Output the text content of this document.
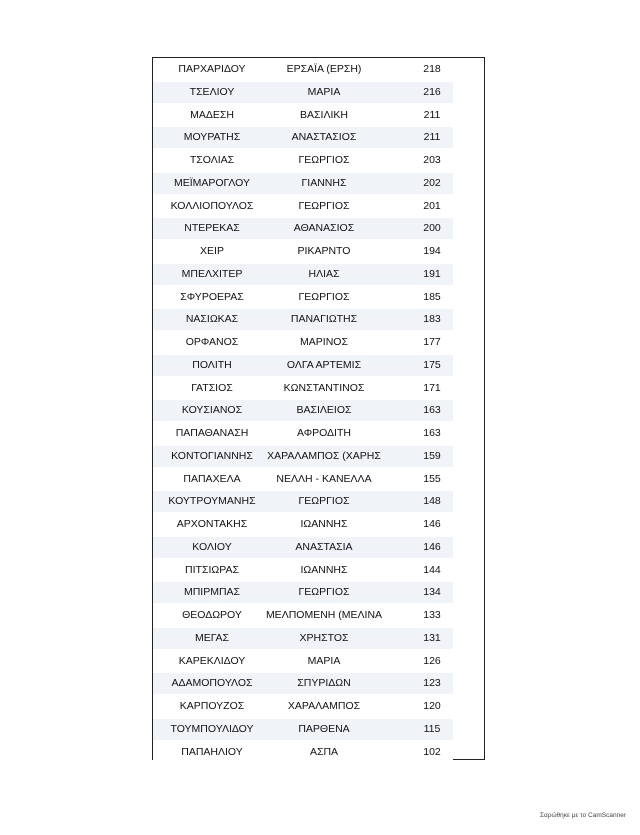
ΠΑΡΧΑΡΙΔΟΥ	ΕΡΣΑΪΑ (ΕΡΣΗ)	218
ΤΣΕΛΙΟΥ	ΜΑΡΙΑ	216
ΜΑΔΕΣΗ	ΒΑΣΙΛΙΚΗ	211
ΜΟΥΡΑΤΗΣ	ΑΝΑΣΤΑΣΙΟΣ	211
ΤΣΟΛΙΑΣ	ΓΕΩΡΓΙΟΣ	203
ΜΕΪΜΑΡΟΓΛΟΥ	ΓΙΑΝΝΗΣ	202
ΚΟΛΛΙΟΠΟΥΛΟΣ	ΓΕΩΡΓΙΟΣ	201
ΝΤΕΡΕΚΑΣ	ΑΘΑΝΑΣΙΟΣ	200
ΧΕΙΡ	ΡΙΚΑΡΝΤΟ	194
ΜΠΕΛΧΙΤΕΡ	ΗΛΙΑΣ	191
ΣΦΥΡΟΕΡΑΣ	ΓΕΩΡΓΙΟΣ	185
ΝΑΣΙΩΚΑΣ	ΠΑΝΑΓΙΩΤΗΣ	183
ΟΡΦΑΝΟΣ	ΜΑΡΙΝΟΣ	177
ΠΟΛΙΤΗ	ΟΛΓΑ ΑΡΤΕΜΙΣ	175
ΓΑΤΣΙΟΣ	ΚΩΝΣΤΑΝΤΙΝΟΣ	171
ΚΟΥΣΙΑΝΟΣ	ΒΑΣΙΛΕΙΟΣ	163
ΠΑΠΑΘΑΝΑΣΗ	ΑΦΡΟΔΙΤΗ	163
ΚΟΝΤΟΓΙΑΝΝΗΣ	ΧΑΡΑΛΑΜΠΟΣ (ΧΑΡΗΣ	159
ΠΑΠΑΧΕΛΑ	ΝΕΛΛΗ - ΚΑΝΕΛΛΑ	155
ΚΟΥΤΡΟΥΜΑΝΗΣ	ΓΕΩΡΓΙΟΣ	148
ΑΡΧΟΝΤΑΚΗΣ	ΙΩΑΝΝΗΣ	146
ΚΟΛΙΟΥ	ΑΝΑΣΤΑΣΙΑ	146
ΠΙΤΣΙΩΡΑΣ	ΙΩΑΝΝΗΣ	144
ΜΠΙΡΜΠΑΣ	ΓΕΩΡΓΙΟΣ	134
ΘΕΟΔΩΡΟΥ	ΜΕΛΠΟΜΕΝΗ (ΜΕΛΙΝΑ	133
ΜΕΓΑΣ	ΧΡΗΣΤΟΣ	131
ΚΑΡΕΚΛΙΔΟΥ	ΜΑΡΙΑ	126
ΑΔΑΜΟΠΟΥΛΟΣ	ΣΠΥΡΙΔΩΝ	123
ΚΑΡΠΟΥΖΟΣ	ΧΑΡΑΛΑΜΠΟΣ	120
ΤΟΥΜΠΟΥΛΙΔΟΥ	ΠΑΡΘΕΝΑ	115
ΠΑΠΑΗΛΙΟΥ	ΑΣΠΑ	102
Σαρώθηκε με το CamScanner
